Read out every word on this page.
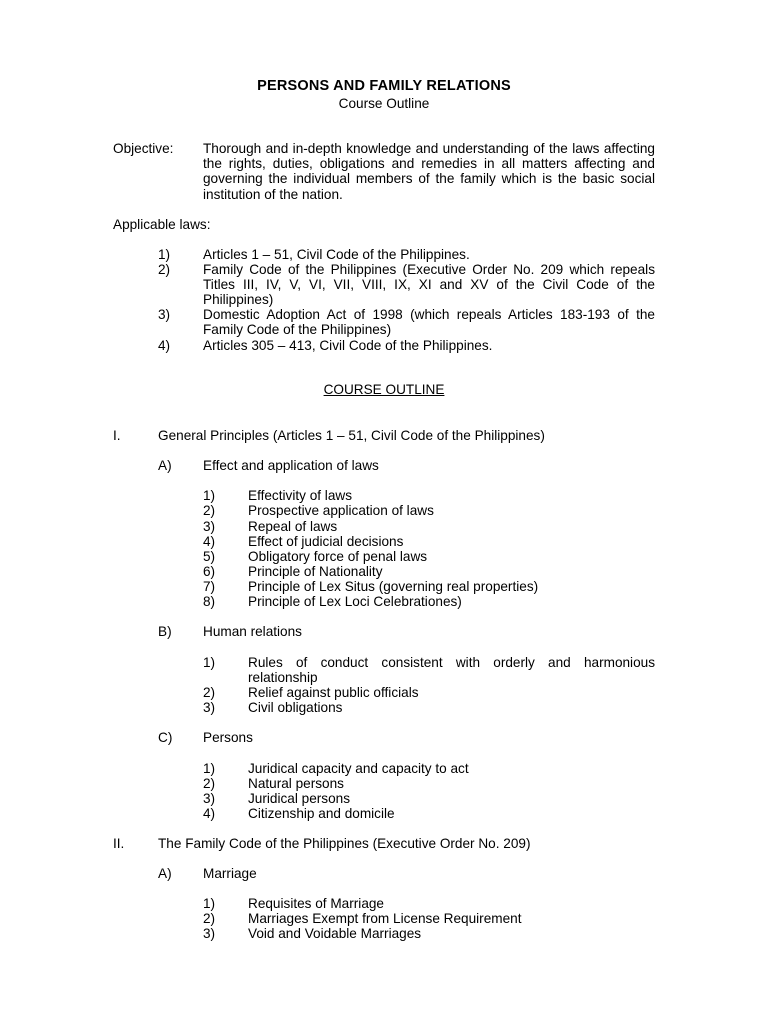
PERSONS AND FAMILY RELATIONS
Course Outline
Objective: Thorough and in-depth knowledge and understanding of the laws affecting the rights, duties, obligations and remedies in all matters affecting and governing the individual members of the family which is the basic social institution of the nation.
Applicable laws:
1) Articles 1 – 51, Civil Code of the Philippines.
2) Family Code of the Philippines (Executive Order No. 209 which repeals Titles III, IV, V, VI, VII, VIII, IX, XI and XV of the Civil Code of the Philippines)
3) Domestic Adoption Act of 1998 (which repeals Articles 183-193 of the Family Code of the Philippines)
4) Articles 305 – 413, Civil Code of the Philippines.
COURSE OUTLINE
I.	General Principles (Articles 1 – 51, Civil Code of the Philippines)
A) Effect and application of laws
1) Effectivity of laws
2) Prospective application of laws
3) Repeal of laws
4) Effect of judicial decisions
5) Obligatory force of penal laws
6) Principle of Nationality
7) Principle of Lex Situs (governing real properties)
8) Principle of Lex Loci Celebrationes)
B) Human relations
1) Rules of conduct consistent with orderly and harmonious relationship
2) Relief against public officials
3) Civil obligations
C) Persons
1) Juridical capacity and capacity to act
2) Natural persons
3) Juridical persons
4) Citizenship and domicile
II. The Family Code of the Philippines (Executive Order No. 209)
A) Marriage
1) Requisites of Marriage
2) Marriages Exempt from License Requirement
3) Void and Voidable Marriages
